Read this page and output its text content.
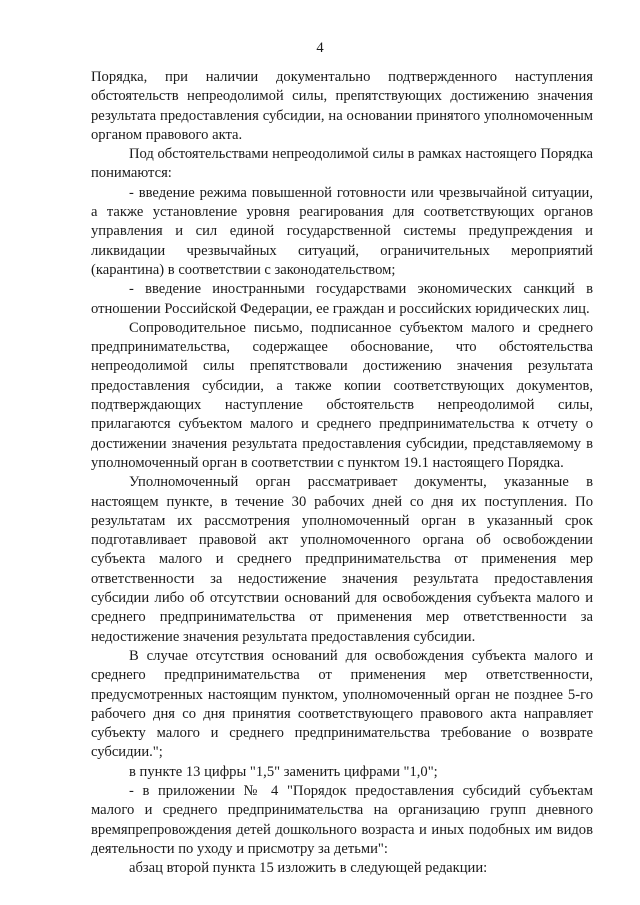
4

Порядка, при наличии документально подтвержденного наступления обстоятельств непреодолимой силы, препятствующих достижению значения результата предоставления субсидии, на основании принятого уполномоченным органом правового акта.

Под обстоятельствами непреодолимой силы в рамках настоящего Порядка понимаются:

- введение режима повышенной готовности или чрезвычайной ситуации, а также установление уровня реагирования для соответствующих органов управления и сил единой государственной системы предупреждения и ликвидации чрезвычайных ситуаций, ограничительных мероприятий (карантина) в соответствии с законодательством;

- введение иностранными государствами экономических санкций в отношении Российской Федерации, ее граждан и российских юридических лиц.

Сопроводительное письмо, подписанное субъектом малого и среднего предпринимательства, содержащее обоснование, что обстоятельства непреодолимой силы препятствовали достижению значения результата предоставления субсидии, а также копии соответствующих документов, подтверждающих наступление обстоятельств непреодолимой силы, прилагаются субъектом малого и среднего предпринимательства к отчету о достижении значения результата предоставления субсидии, представляемому в уполномоченный орган в соответствии с пунктом 19.1 настоящего Порядка.

Уполномоченный орган рассматривает документы, указанные в настоящем пункте, в течение 30 рабочих дней со дня их поступления. По результатам их рассмотрения уполномоченный орган в указанный срок подготавливает правовой акт уполномоченного органа об освобождении субъекта малого и среднего предпринимательства от применения мер ответственности за недостижение значения результата предоставления субсидии либо об отсутствии оснований для освобождения субъекта малого и среднего предпринимательства от применения мер ответственности за недостижение значения результата предоставления субсидии.

В случае отсутствия оснований для освобождения субъекта малого и среднего предпринимательства от применения мер ответственности, предусмотренных настоящим пунктом, уполномоченный орган не позднее 5-го рабочего дня со дня принятия соответствующего правового акта направляет субъекту малого и среднего предпринимательства требование о возврате субсидии.";

в пункте 13 цифры "1,5" заменить цифрами "1,0";

- в приложении № 4 "Порядок предоставления субсидий субъектам малого и среднего предпринимательства на организацию групп дневного времяпрепровождения детей дошкольного возраста и иных подобных им видов деятельности по уходу и присмотру за детьми":

абзац второй пункта 15 изложить в следующей редакции:
